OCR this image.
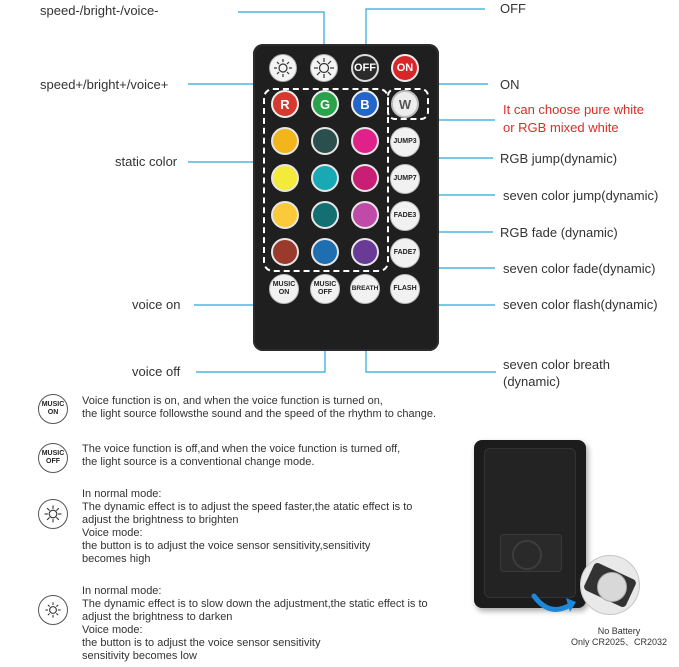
speed-/bright-/voice-	OFF
speed+/bright+/voice+	ON
It can choose pure white
or RGB mixed white
static color	RGB jump(dynamic)
seven color jump(dynamic)
RGB fade (dynamic)
seven color fade(dynamic)
voice on	seven color flash(dynamic)
voice off	seven color breath
(dynamic)
OFF	ON
R	G	B	W
JUMP3
JUMP7
FADE3
FADE7
MUSIC
ON
MUSIC
OFF
BREATH	FLASH
MUSIC
ON
Voice function is on, and when the voice function is turned on,
the light source followsthe sound and the speed of the rhythm to change.
MUSIC
OFF
The voice function is off,and when the voice function is turned off,
the light source is a conventional change mode.
In normal mode:
The dynamic effect is to adjust the speed faster,the atatic effect is to
adjust the brightness to brighten
Voice mode:
the button is to adjust the voice sensor sensitivity,sensitivity
becomes high
In normal mode:
The dynamic effect is to slow down the adjustment,the static effect is to
adjust the brightness to darken
Voice mode:
the button is to adjust the voice sensor sensitivity
sensitivity becomes low
No Battery
Only CR2025、CR2032
